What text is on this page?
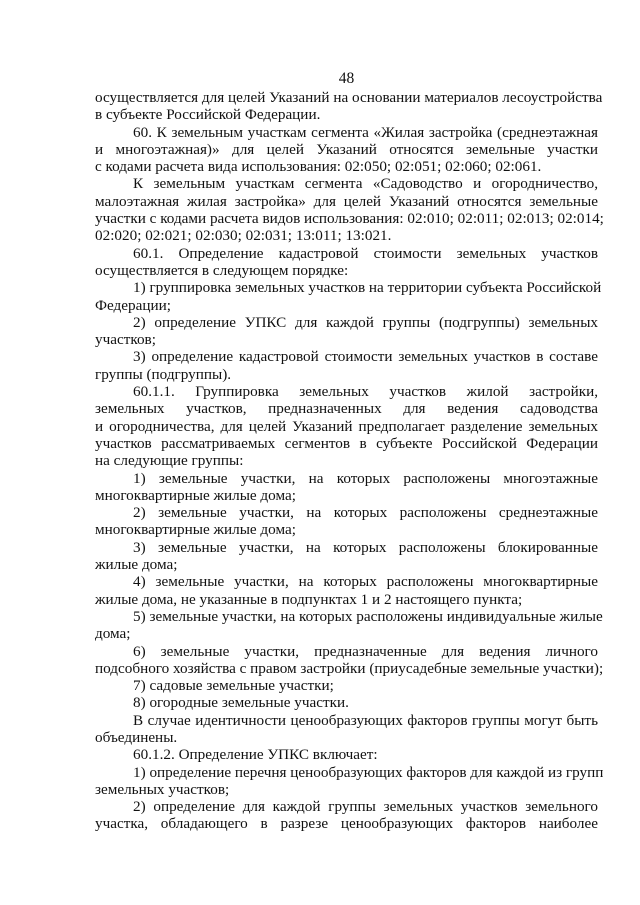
48
осуществляется для целей Указаний на основании материалов лесоустройства
в субъекте Российской Федерации.
60. К земельным участкам сегмента «Жилая застройка (среднеэтажная
и многоэтажная)» для целей Указаний относятся земельные участки
с кодами расчета вида использования: 02:050; 02:051; 02:060; 02:061.
К земельным участкам сегмента «Садоводство и огородничество,
малоэтажная жилая застройка» для целей Указаний относятся земельные
участки с кодами расчета видов использования: 02:010; 02:011; 02:013; 02:014;
02:020; 02:021; 02:030; 02:031; 13:011; 13:021.
60.1. Определение кадастровой стоимости земельных участков
осуществляется в следующем порядке:
1) группировка земельных участков на территории субъекта Российской
Федерации;
2) определение УПКС для каждой группы (подгруппы) земельных
участков;
3) определение кадастровой стоимости земельных участков в составе
группы (подгруппы).
60.1.1. Группировка земельных участков жилой застройки,
земельных участков, предназначенных для ведения садоводства
и огородничества, для целей Указаний предполагает разделение земельных
участков рассматриваемых сегментов в субъекте Российской Федерации
на следующие группы:
1) земельные участки, на которых расположены многоэтажные
многоквартирные жилые дома;
2) земельные участки, на которых расположены среднеэтажные
многоквартирные жилые дома;
3) земельные участки, на которых расположены блокированные
жилые дома;
4) земельные участки, на которых расположены многоквартирные
жилые дома, не указанные в подпунктах 1 и 2 настоящего пункта;
5) земельные участки, на которых расположены индивидуальные жилые
дома;
6) земельные участки, предназначенные для ведения личного
подсобного хозяйства с правом застройки (приусадебные земельные участки);
7) садовые земельные участки;
8) огородные земельные участки.
В случае идентичности ценообразующих факторов группы могут быть
объединены.
60.1.2. Определение УПКС включает:
1) определение перечня ценообразующих факторов для каждой из групп
земельных участков;
2) определение для каждой группы земельных участков земельного
участка, обладающего в разрезе ценообразующих факторов наиболее
